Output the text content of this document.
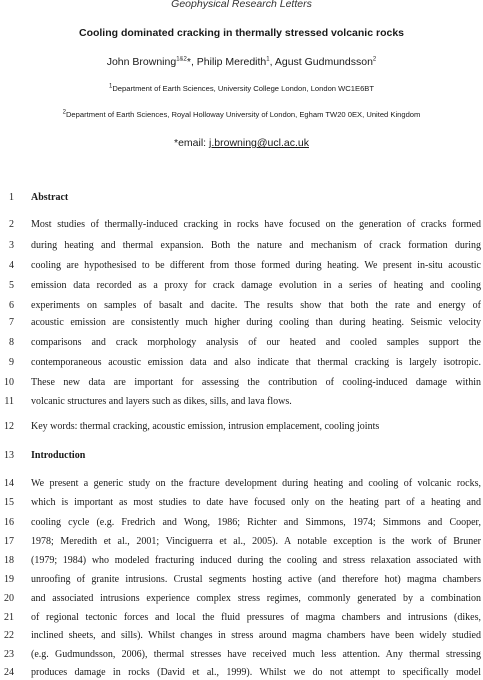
Geophysical Research Letters
Cooling dominated cracking in thermally stressed volcanic rocks
John Browning$^{1\&2}$*, Philip Meredith$^1$, Agust Gudmundsson$^2$
$^1$Department of Earth Sciences, University College London, London WC1E6BT
$^2$Department of Earth Sciences, Royal Holloway University of London, Egham TW20 0EX, United Kingdom
*email: j.browning@ucl.ac.uk
1 Abstract
2 Most studies of thermally-induced cracking in rocks have focused on the generation of cracks formed
3 during heating and thermal expansion. Both the nature and mechanism of crack formation during
4 cooling are hypothesised to be different from those formed during heating. We present in-situ acoustic
5 emission data recorded as a proxy for crack damage evolution in a series of heating and cooling
6 experiments on samples of basalt and dacite. The results show that both the rate and energy of
7 acoustic emission are consistently much higher during cooling than during heating. Seismic velocity
8 comparisons and crack morphology analysis of our heated and cooled samples support the
9 contemporaneous acoustic emission data and also indicate that thermal cracking is largely isotropic.
10 These new data are important for assessing the contribution of cooling-induced damage within
11 volcanic structures and layers such as dikes, sills, and lava flows.
12 Key words: thermal cracking, acoustic emission, intrusion emplacement, cooling joints
13 Introduction
14 We present a generic study on the fracture development during heating and cooling of volcanic rocks,
15 which is important as most studies to date have focused only on the heating part of a heating and
16 cooling cycle (e.g. Fredrich and Wong, 1986; Richter and Simmons, 1974; Simmons and Cooper,
17 1978; Meredith et al., 2001; Vinciguerra et al., 2005). A notable exception is the work of Bruner
18 (1979; 1984) who modeled fracturing induced during the cooling and stress relaxation associated with
19 unroofing of granite intrusions. Crustal segments hosting active (and therefore hot) magma chambers
20 and associated intrusions experience complex stress regimes, commonly generated by a combination
21 of regional tectonic forces and local the fluid pressures of magma chambers and intrusions (dikes,
22 inclined sheets, and sills). Whilst changes in stress around magma chambers have been widely studied
23 (e.g. Gudmundsson, 2006), thermal stresses have received much less attention. Any thermal stressing
24 produces damage in rocks (David et al., 1999). Whilst we do not attempt to specifically model
